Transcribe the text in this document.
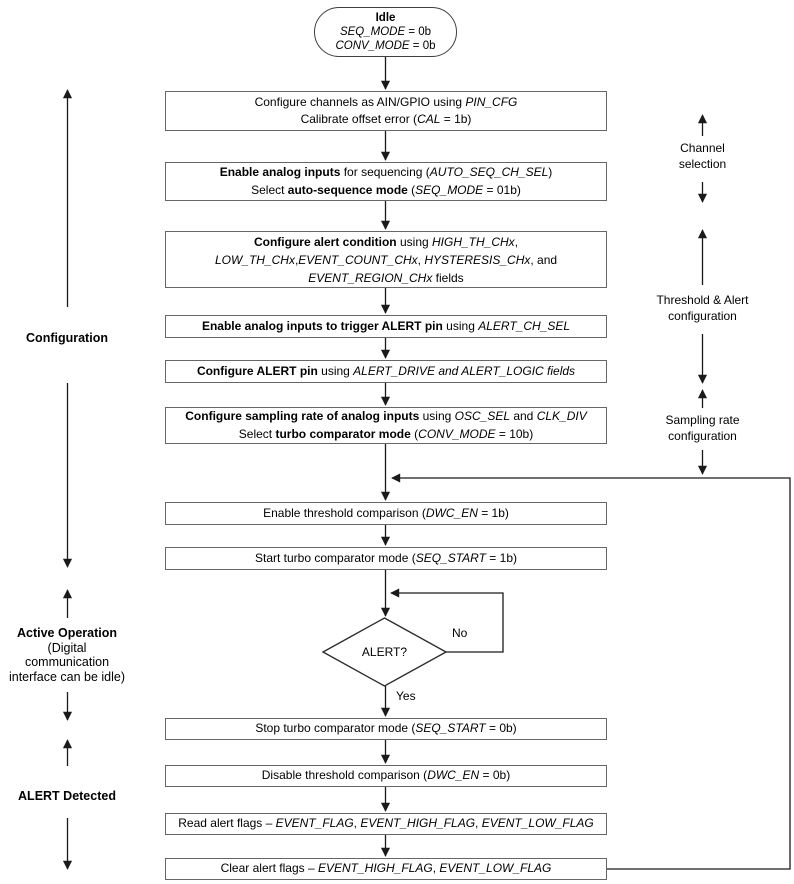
Idle
SEQ_MODE = 0b
CONV_MODE = 0b
Configure channels as AIN/GPIO using PIN_CFG
Calibrate offset error (CAL = 1b)
Enable analog inputs for sequencing (AUTO_SEQ_CH_SEL)
Select auto-sequence mode (SEQ_MODE = 01b)
Configure alert condition using HIGH_TH_CHx,
LOW_TH_CHx,EVENT_COUNT_CHx, HYSTERESIS_CHx, and
EVENT_REGION_CHx fields
Enable analog inputs to trigger ALERT pin using ALERT_CH_SEL
Configure ALERT pin using ALERT_DRIVE and ALERT_LOGIC fields
Configure sampling rate of analog inputs using OSC_SEL and CLK_DIV
Select turbo comparator mode (CONV_MODE = 10b)
Enable threshold comparison (DWC_EN = 1b)
Start turbo comparator mode (SEQ_START = 1b)
Stop turbo comparator mode (SEQ_START = 0b)
Disable threshold comparison (DWC_EN = 0b)
Read alert flags – EVENT_FLAG, EVENT_HIGH_FLAG, EVENT_LOW_FLAG
Clear alert flags – EVENT_HIGH_FLAG, EVENT_LOW_FLAG
ALERT?
No
Yes
Configuration
Active Operation
(Digital
communication
interface can be idle)
ALERT Detected
Channel
selection
Threshold & Alert
configuration
Sampling rate
configuration
